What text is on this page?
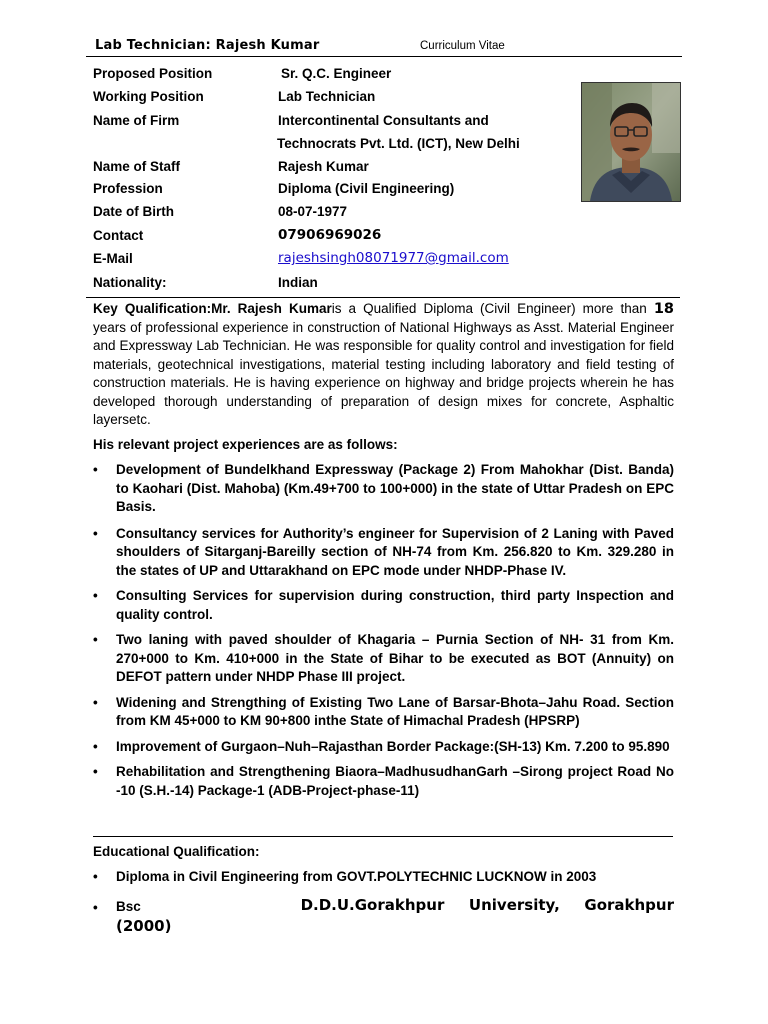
Lab Technician: Rajesh Kumar	Curriculum Vitae
Proposed Position	Sr. Q.C. Engineer
Working Position	Lab Technician
Name of Firm	Intercontinental Consultants and
Technocrats Pvt. Ltd. (ICT), New Delhi
Name of Staff	Rajesh Kumar
Profession	Diploma (Civil Engineering)
Date of Birth	08-07-1977
Contact	07906969026
E-Mail	rajeshsingh08071977@gmail.com
Nationality:	Indian
Key Qualification:Mr. Rajesh Kumaris a Qualified Diploma (Civil Engineer) more than 18 years of professional experience in construction of National Highways as Asst. Material Engineer and Expressway Lab Technician. He was responsible for quality control and investigation for field materials, geotechnical investigations, material testing including laboratory and field testing of construction materials. He is having experience on highway and bridge projects wherein he has developed thorough understanding of preparation of design mixes for concrete, Asphaltic layersetc.
His relevant project experiences are as follows:
• Development of Bundelkhand Expressway (Package 2) From Mahokhar (Dist. Banda) to Kaohari (Dist. Mahoba) (Km.49+700 to 100+000) in the state of Uttar Pradesh on EPC Basis.
• Consultancy services for Authority’s engineer for Supervision of 2 Laning with Paved shoulders of Sitarganj-Bareilly section of NH-74 from Km. 256.820 to Km. 329.280 in the states of UP and Uttarakhand on EPC mode under NHDP-Phase IV.
• Consulting Services for supervision during construction, third party Inspection and quality control.
• Two laning with paved shoulder of Khagaria – Purnia Section of NH- 31 from Km. 270+000 to Km. 410+000 in the State of Bihar to be executed as BOT (Annuity) on DEFOT pattern under NHDP Phase III project.
• Widening and Strengthing of Existing Two Lane of Barsar-Bhota–Jahu Road. Section from KM 45+000 to KM 90+800 inthe State of Himachal Pradesh (HPSRP)
• Improvement of Gurgaon–Nuh–Rajasthan Border Package:(SH-13) Km. 7.200 to 95.890
• Rehabilitation and Strengthening Biaora–MadhusudhanGarh –Sirong project Road No -10 (S.H.-14) Package-1 (ADB-Project-phase-11)
Educational Qualification:
• Diploma in Civil Engineering from GOVT.POLYTECHNIC LUCKNOW in 2003
• Bsc	D.D.U.Gorakhpur University, Gorakhpur
(2000)
